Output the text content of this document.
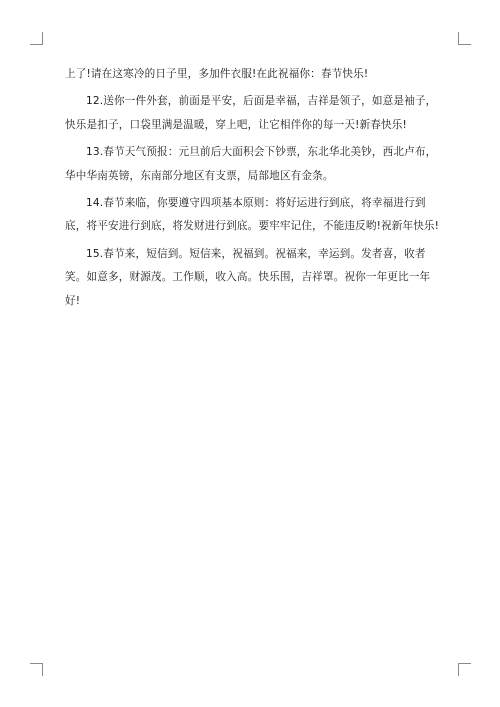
上了!请在这寒冷的日子里，多加件衣服!在此祝福你：春节快乐!

12.送你一件外套，前面是平安，后面是幸福，吉祥是领子，如意是袖子，快乐是扣子，口袋里满是温暖，穿上吧，让它相伴你的每一天!新春快乐!

13.春节天气预报：元旦前后大面积会下钞票，东北华北美钞，西北卢布，华中华南英镑，东南部分地区有支票，局部地区有金条。

14.春节来临，你要遵守四项基本原则：将好运进行到底，将幸福进行到底，将平安进行到底，将发财进行到底。要牢牢记住，不能违反哟!祝新年快乐!

15.春节来，短信到。短信来，祝福到。祝福来，幸运到。发者喜，收者笑。如意多，财源茂。工作顺，收入高。快乐围，吉祥罩。祝你一年更比一年好!
